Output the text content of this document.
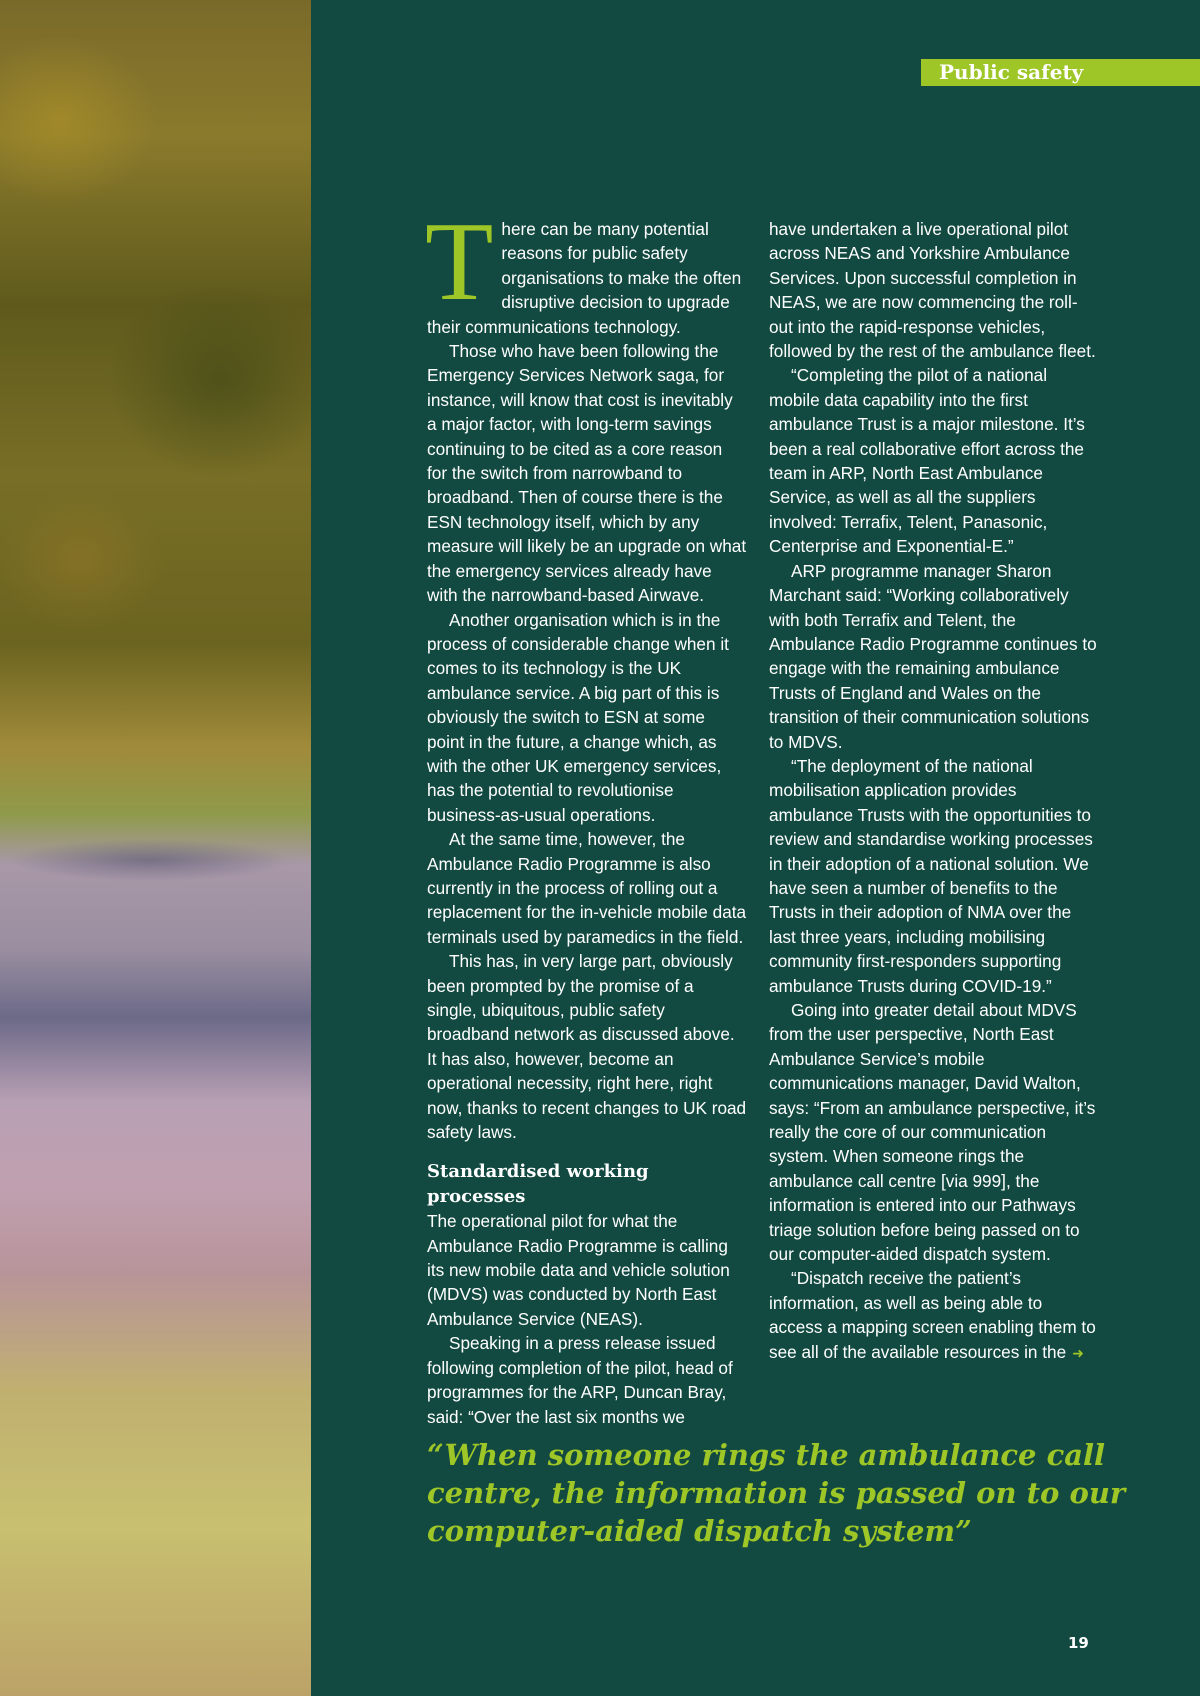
Public safety

There can be many potential reasons for public safety organisations to make the often disruptive decision to upgrade their communications technology.

Those who have been following the Emergency Services Network saga, for instance, will know that cost is inevitably a major factor, with long-term savings continuing to be cited as a core reason for the switch from narrowband to broadband. Then of course there is the ESN technology itself, which by any measure will likely be an upgrade on what the emergency services already have with the narrowband-based Airwave.

Another organisation which is in the process of considerable change when it comes to its technology is the UK ambulance service. A big part of this is obviously the switch to ESN at some point in the future, a change which, as with the other UK emergency services, has the potential to revolutionise business-as-usual operations.

At the same time, however, the Ambulance Radio Programme is also currently in the process of rolling out a replacement for the in-vehicle mobile data terminals used by paramedics in the field.

This has, in very large part, obviously been prompted by the promise of a single, ubiquitous, public safety broadband network as discussed above. It has also, however, become an operational necessity, right here, right now, thanks to recent changes to UK road safety laws.

Standardised working processes

The operational pilot for what the Ambulance Radio Programme is calling its new mobile data and vehicle solution (MDVS) was conducted by North East Ambulance Service (NEAS).

Speaking in a press release issued following completion of the pilot, head of programmes for the ARP, Duncan Bray, said: “Over the last six months we

have undertaken a live operational pilot across NEAS and Yorkshire Ambulance Services. Upon successful completion in NEAS, we are now commencing the roll-out into the rapid-response vehicles, followed by the rest of the ambulance fleet.

“Completing the pilot of a national mobile data capability into the first ambulance Trust is a major milestone. It’s been a real collaborative effort across the team in ARP, North East Ambulance Service, as well as all the suppliers involved: Terrafix, Telent, Panasonic, Centerprise and Exponential-E.”

ARP programme manager Sharon Marchant said: “Working collaboratively with both Terrafix and Telent, the Ambulance Radio Programme continues to engage with the remaining ambulance Trusts of England and Wales on the transition of their communication solutions to MDVS.

“The deployment of the national mobilisation application provides ambulance Trusts with the opportunities to review and standardise working processes in their adoption of a national solution. We have seen a number of benefits to the Trusts in their adoption of NMA over the last three years, including mobilising community first-responders supporting ambulance Trusts during COVID-19.”

Going into greater detail about MDVS from the user perspective, North East Ambulance Service’s mobile communications manager, David Walton, says: “From an ambulance perspective, it’s really the core of our communication system. When someone rings the ambulance call centre [via 999], the information is entered into our Pathways triage solution before being passed on to our computer-aided dispatch system.

“Dispatch receive the patient’s information, as well as being able to access a mapping screen enabling them to see all of the available resources in the ➜

“When someone rings the ambulance call centre, the information is passed on to our computer-aided dispatch system”
19
